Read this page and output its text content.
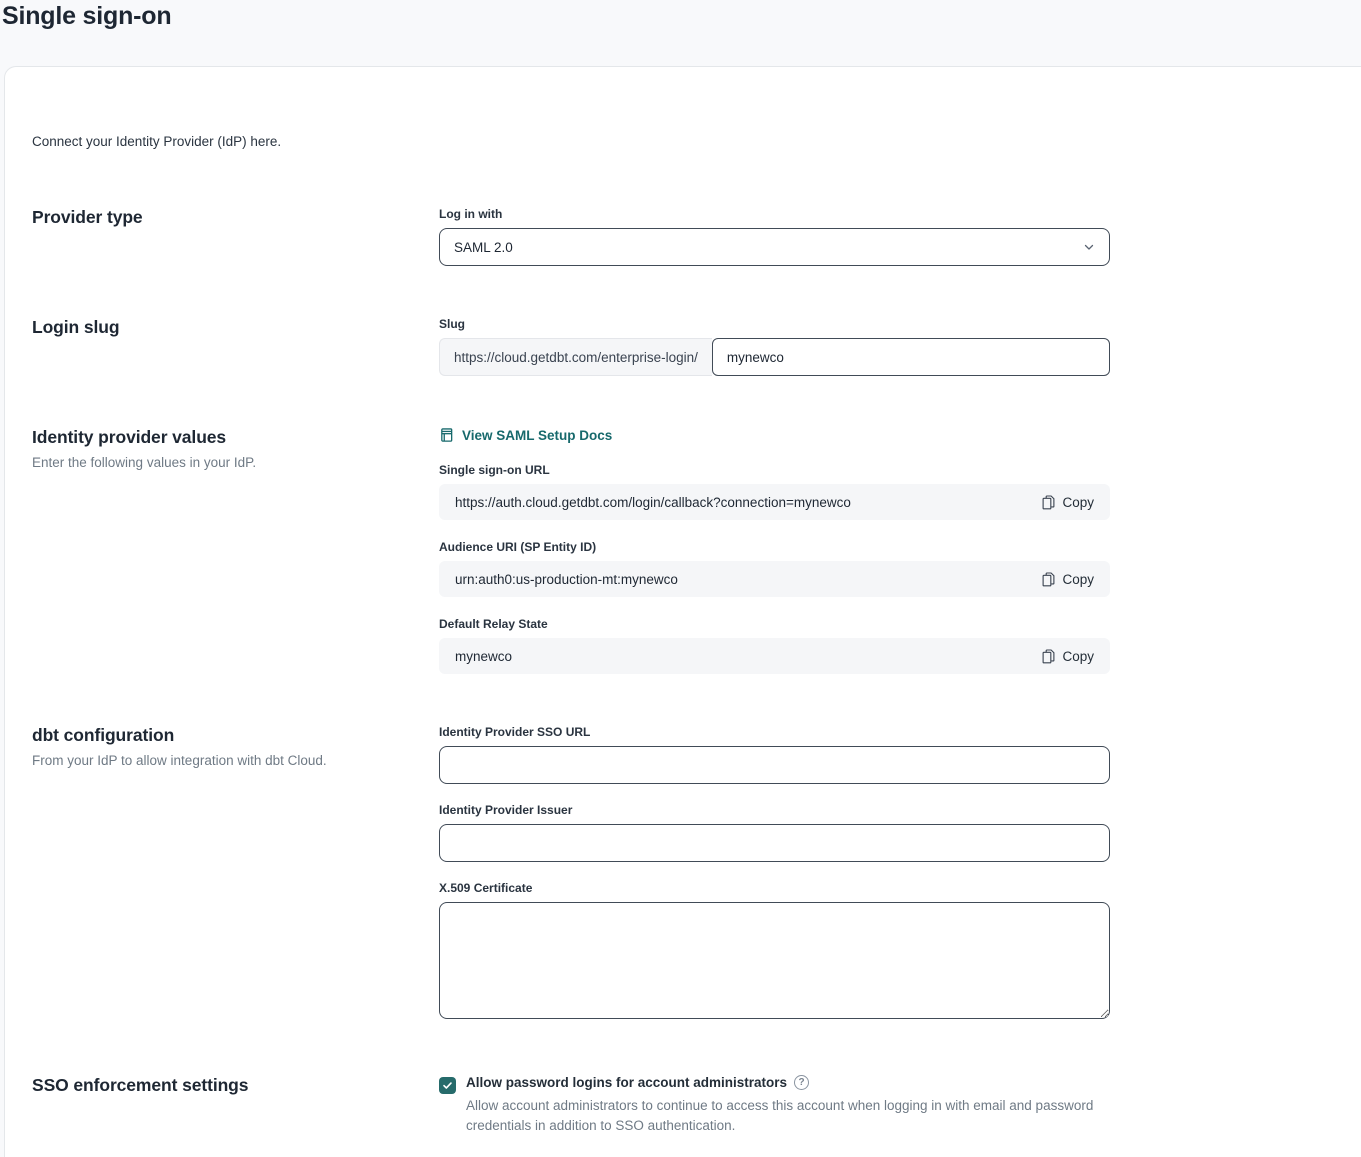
Single sign-on

Connect your Identity Provider (IdP) here.

Provider type	Log in with
SAML 2.0
Login slug	Slug
https://cloud.getdbt.com/enterprise-login/
mynewco
Identity provider values

Enter the following values in your IdP.

View SAML Setup Docs
Single sign-on URL
https://auth.cloud.getdbt.com/login/callback?connection=mynewco	Copy
Audience URI (SP Entity ID)
urn:auth0:us-production-mt:mynewco	Copy
Default Relay State
mynewco	Copy
dbt configuration

From your IdP to allow integration with dbt Cloud.

Identity Provider SSO URL
Identity Provider Issuer
X.509 Certificate
SSO enforcement settings	Allow password logins for account administrators	?

Allow account administrators to continue to access this account when logging in with email and password credentials in addition to SSO authentication.
